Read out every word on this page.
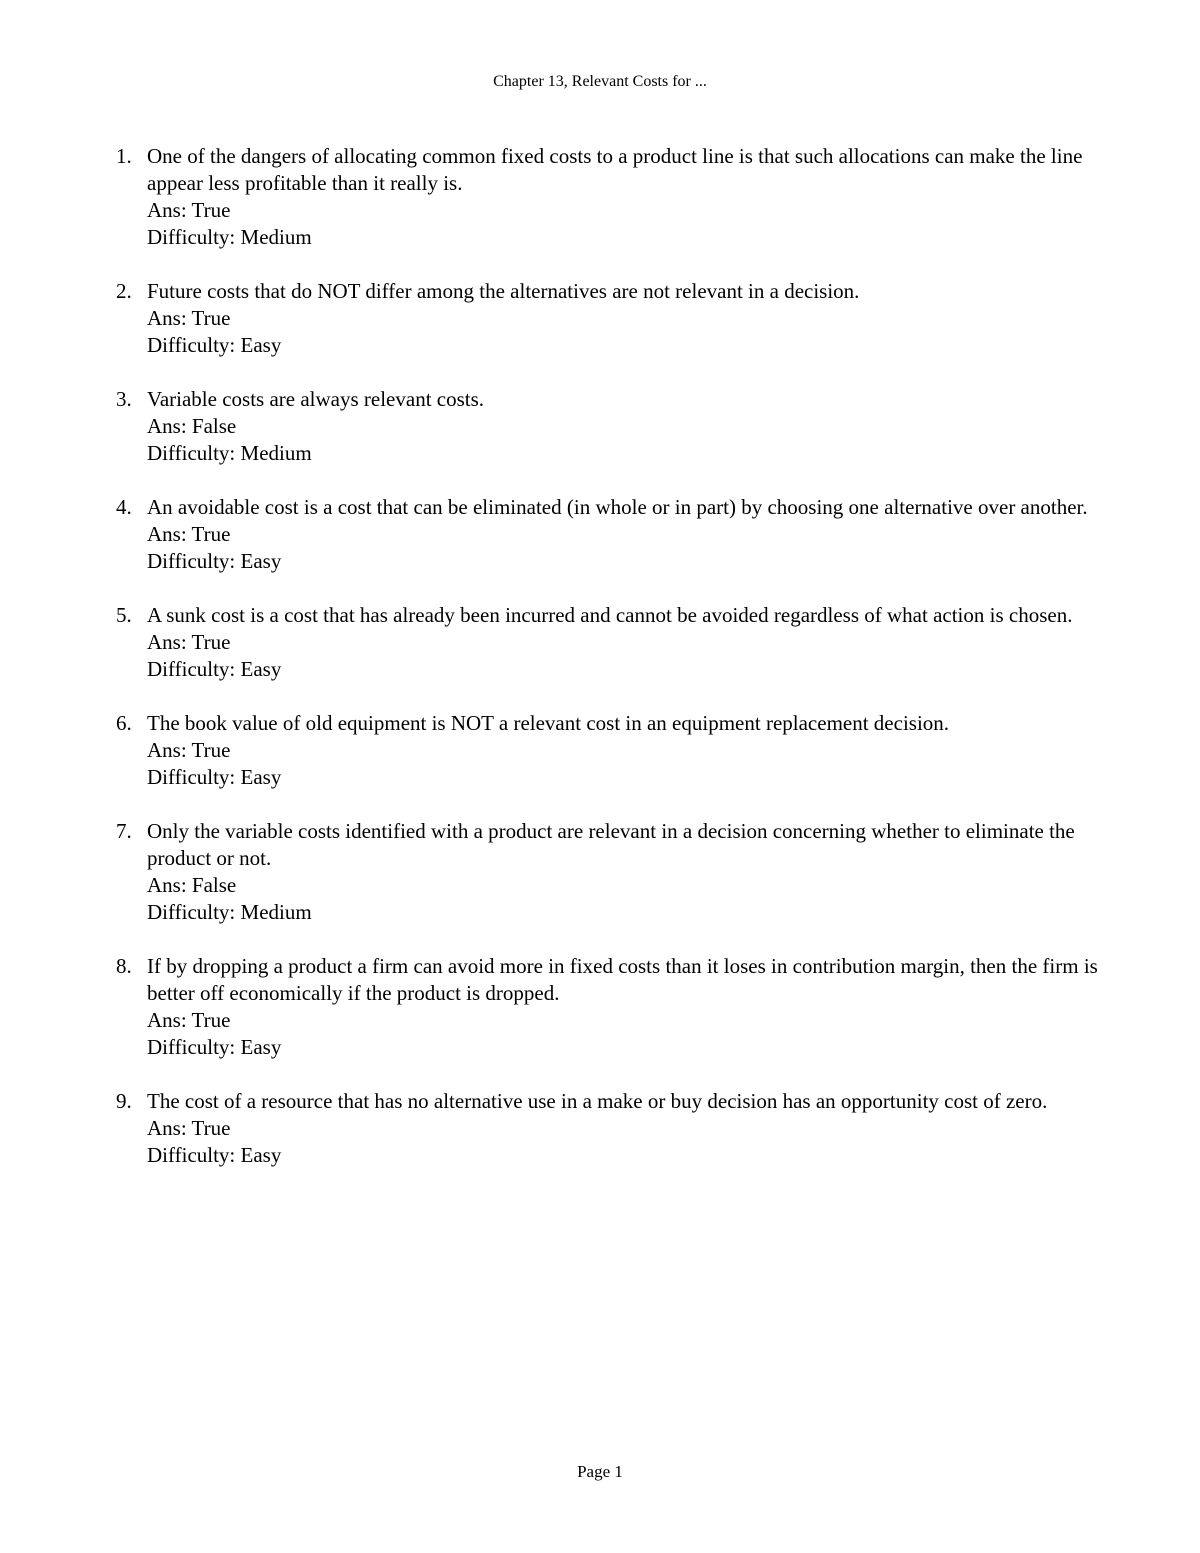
Chapter 13, Relevant Costs for ...
1. One of the dangers of allocating common fixed costs to a product line is that such allocations can make the line appear less profitable than it really is.
Ans: True
Difficulty: Medium
2. Future costs that do NOT differ among the alternatives are not relevant in a decision.
Ans: True
Difficulty: Easy
3. Variable costs are always relevant costs.
Ans: False
Difficulty: Medium
4. An avoidable cost is a cost that can be eliminated (in whole or in part) by choosing one alternative over another.
Ans: True
Difficulty: Easy
5. A sunk cost is a cost that has already been incurred and cannot be avoided regardless of what action is chosen.
Ans: True
Difficulty: Easy
6. The book value of old equipment is NOT a relevant cost in an equipment replacement decision.
Ans: True
Difficulty: Easy
7. Only the variable costs identified with a product are relevant in a decision concerning whether to eliminate the product or not.
Ans: False
Difficulty: Medium
8. If by dropping a product a firm can avoid more in fixed costs than it loses in contribution margin, then the firm is better off economically if the product is dropped.
Ans: True
Difficulty: Easy
9. The cost of a resource that has no alternative use in a make or buy decision has an opportunity cost of zero.
Ans: True
Difficulty: Easy
Page 1
